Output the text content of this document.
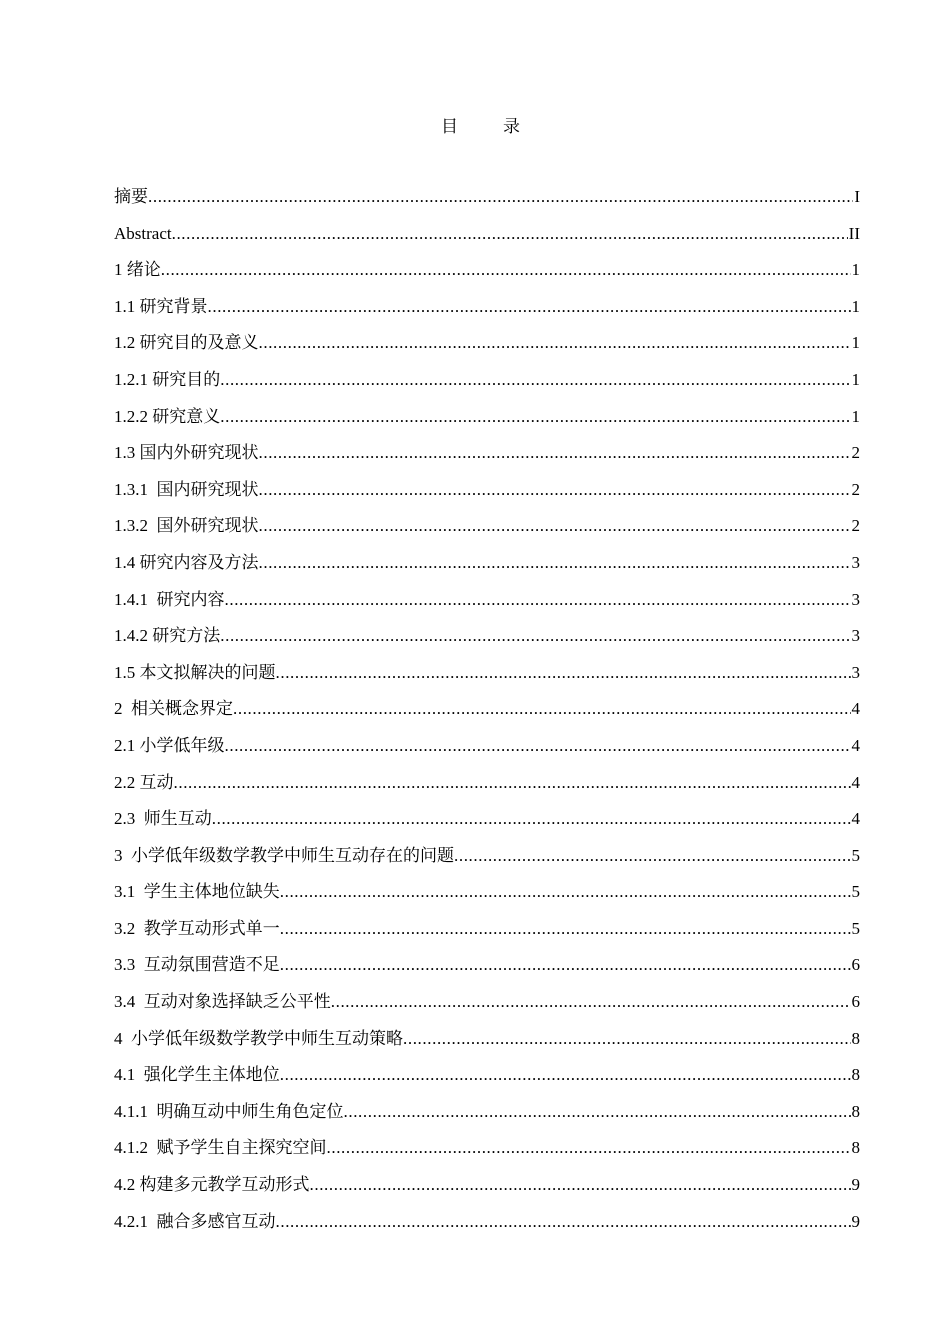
目　录
摘要 .....	I
Abstract .....	II
1 绪论 .....	1
1.1 研究背景 .....	1
1.2 研究目的及意义 .....	1
1.2.1 研究目的 .....	1
1.2.2 研究意义 .....	1
1.3 国内外研究现状 .....	2
1.3.1  国内研究现状 .....	2
1.3.2  国外研究现状 .....	2
1.4 研究内容及方法 .....	3
1.4.1  研究内容 .....	3
1.4.2 研究方法 .....	3
1.5 本文拟解决的问题 .....	3
2  相关概念界定 .....	4
2.1 小学低年级 .....	4
2.2 互动 .....	4
2.3  师生互动 .....	4
3  小学低年级数学教学中师生互动存在的问题 .....	5
3.1  学生主体地位缺失 .....	5
3.2  教学互动形式单一 .....	5
3.3  互动氛围营造不足 .....	6
3.4  互动对象选择缺乏公平性 .....	6
4  小学低年级数学教学中师生互动策略 .....	8
4.1  强化学生主体地位 .....	8
4.1.1  明确互动中师生角色定位 .....	8
4.1.2  赋予学生自主探究空间 .....	8
4.2 构建多元教学互动形式 .....	9
4.2.1  融合多感官互动 .....	9
